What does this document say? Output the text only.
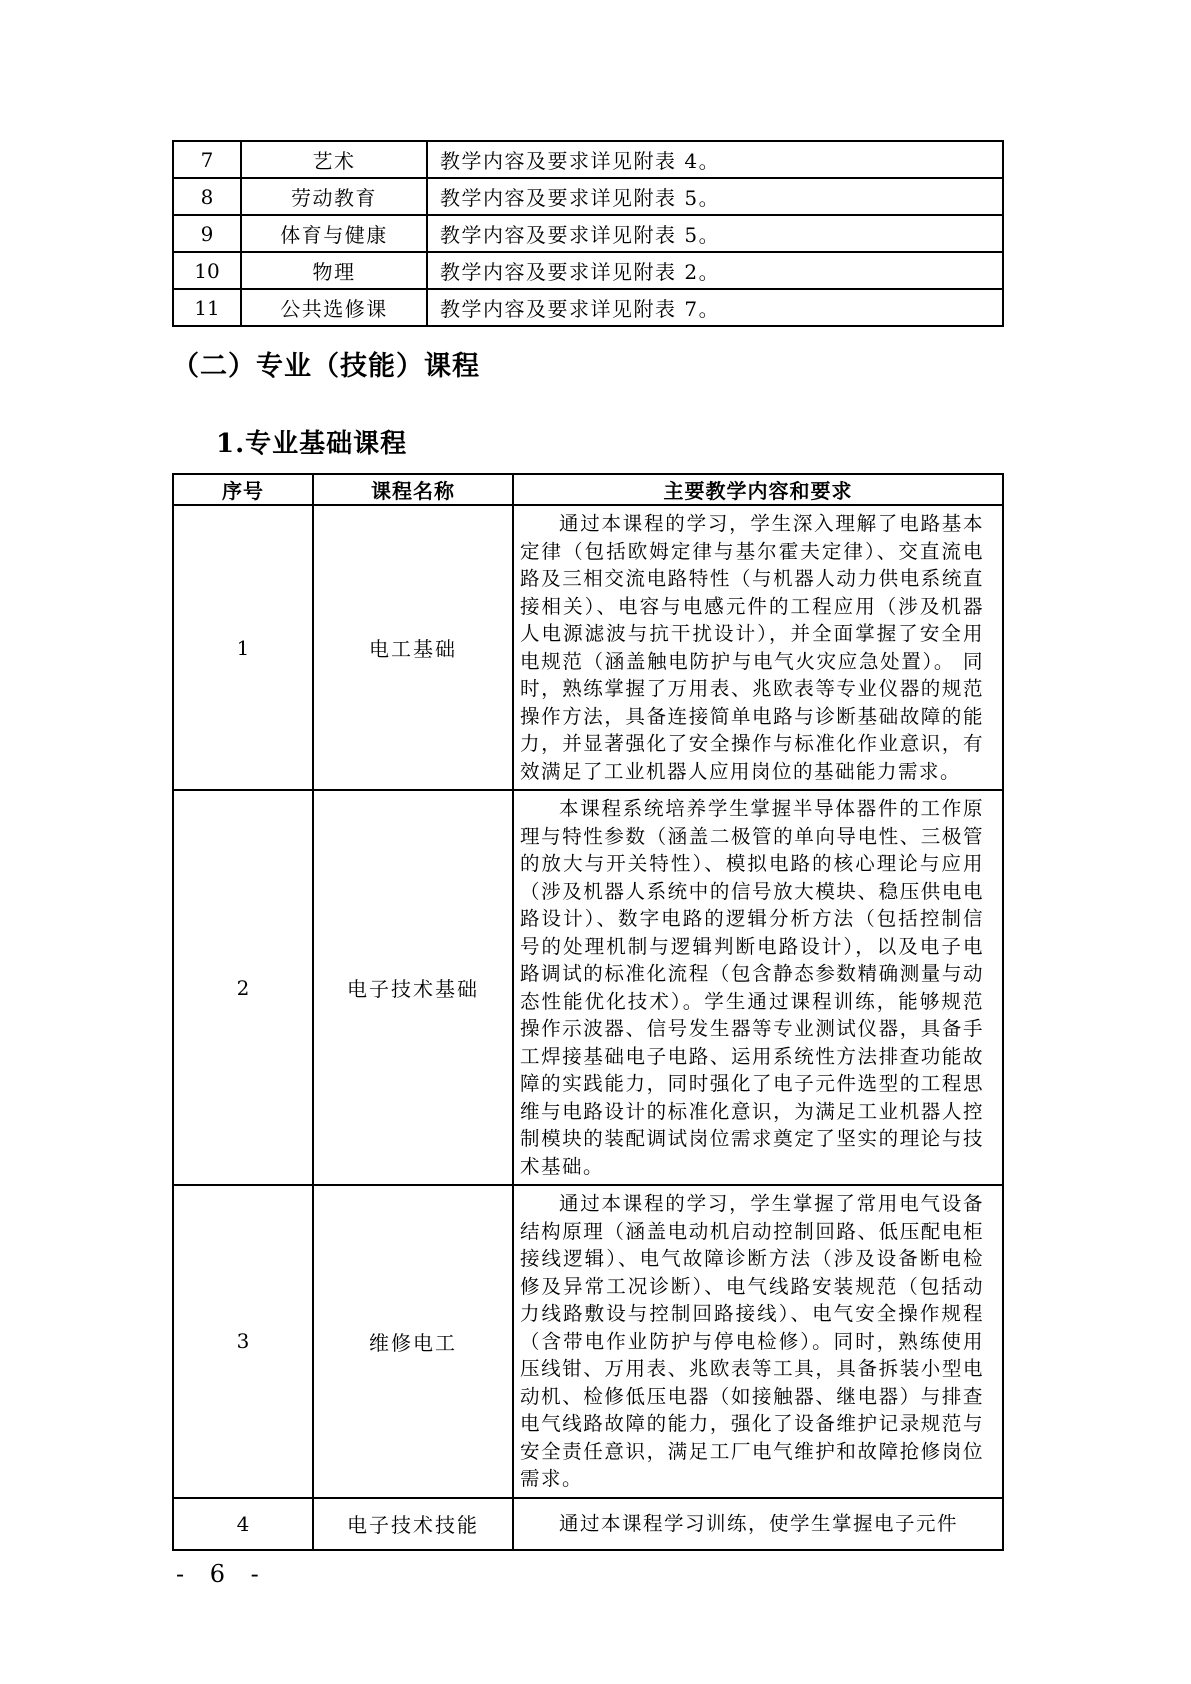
7	艺术	教学内容及要求详见附表 4。
8	劳动教育	教学内容及要求详见附表 5。
9	体育与健康	教学内容及要求详见附表 5。
10	物理	教学内容及要求详见附表 2。
11	公共选修课	教学内容及要求详见附表 7。
（二）专业（技能）课程
1.专业基础课程
序号	课程名称	主要教学内容和要求
1	电工基础	通过本课程的学习，学生深入理解了电路基本定律（包括欧姆定律与基尔霍夫定律）、交直流电路及三相交流电路特性（与机器人动力供电系统直接相关）、电容与电感元件的工程应用（涉及机器人电源滤波与抗干扰设计），并全面掌握了安全用电规范（涵盖触电防护与电气火灾应急处置）。 同时，熟练掌握了万用表、兆欧表等专业仪器的规范操作方法，具备连接简单电路与诊断基础故障的能力，并显著强化了安全操作与标准化作业意识，有效满足了工业机器人应用岗位的基础能力需求。

2	电子技术基础	本课程系统培养学生掌握半导体器件的工作原理与特性参数（涵盖二极管的单向导电性、三极管的放大与开关特性）、模拟电路的核心理论与应用（涉及机器人系统中的信号放大模块、稳压供电电路设计）、数字电路的逻辑分析方法（包括控制信号的处理机制与逻辑判断电路设计），以及电子电路调试的标准化流程（包含静态参数精确测量与动态性能优化技术）。学生通过课程训练，能够规范操作示波器、信号发生器等专业测试仪器，具备手工焊接基础电子电路、运用系统性方法排查功能故障的实践能力，同时强化了电子元件选型的工程思维与电路设计的标准化意识，为满足工业机器人控制模块的装配调试岗位需求奠定了坚实的理论与技术基础。

3	维修电工	通过本课程的学习，学生掌握了常用电气设备结构原理（涵盖电动机启动控制回路、低压配电柜接线逻辑）、电气故障诊断方法（涉及设备断电检修及异常工况诊断）、电气线路安装规范（包括动力线路敷设与控制回路接线）、电气安全操作规程（含带电作业防护与停电检修）。同时，熟练使用压线钳、万用表、兆欧表等工具，具备拆装小型电动机、检修低压电器（如接触器、继电器）与排查电气线路故障的能力，强化了设备维护记录规范与安全责任意识，满足工厂电气维护和故障抢修岗位需求。

4	电子技术技能	通过本课程学习训练，使学生掌握电子元件

- 6 -
